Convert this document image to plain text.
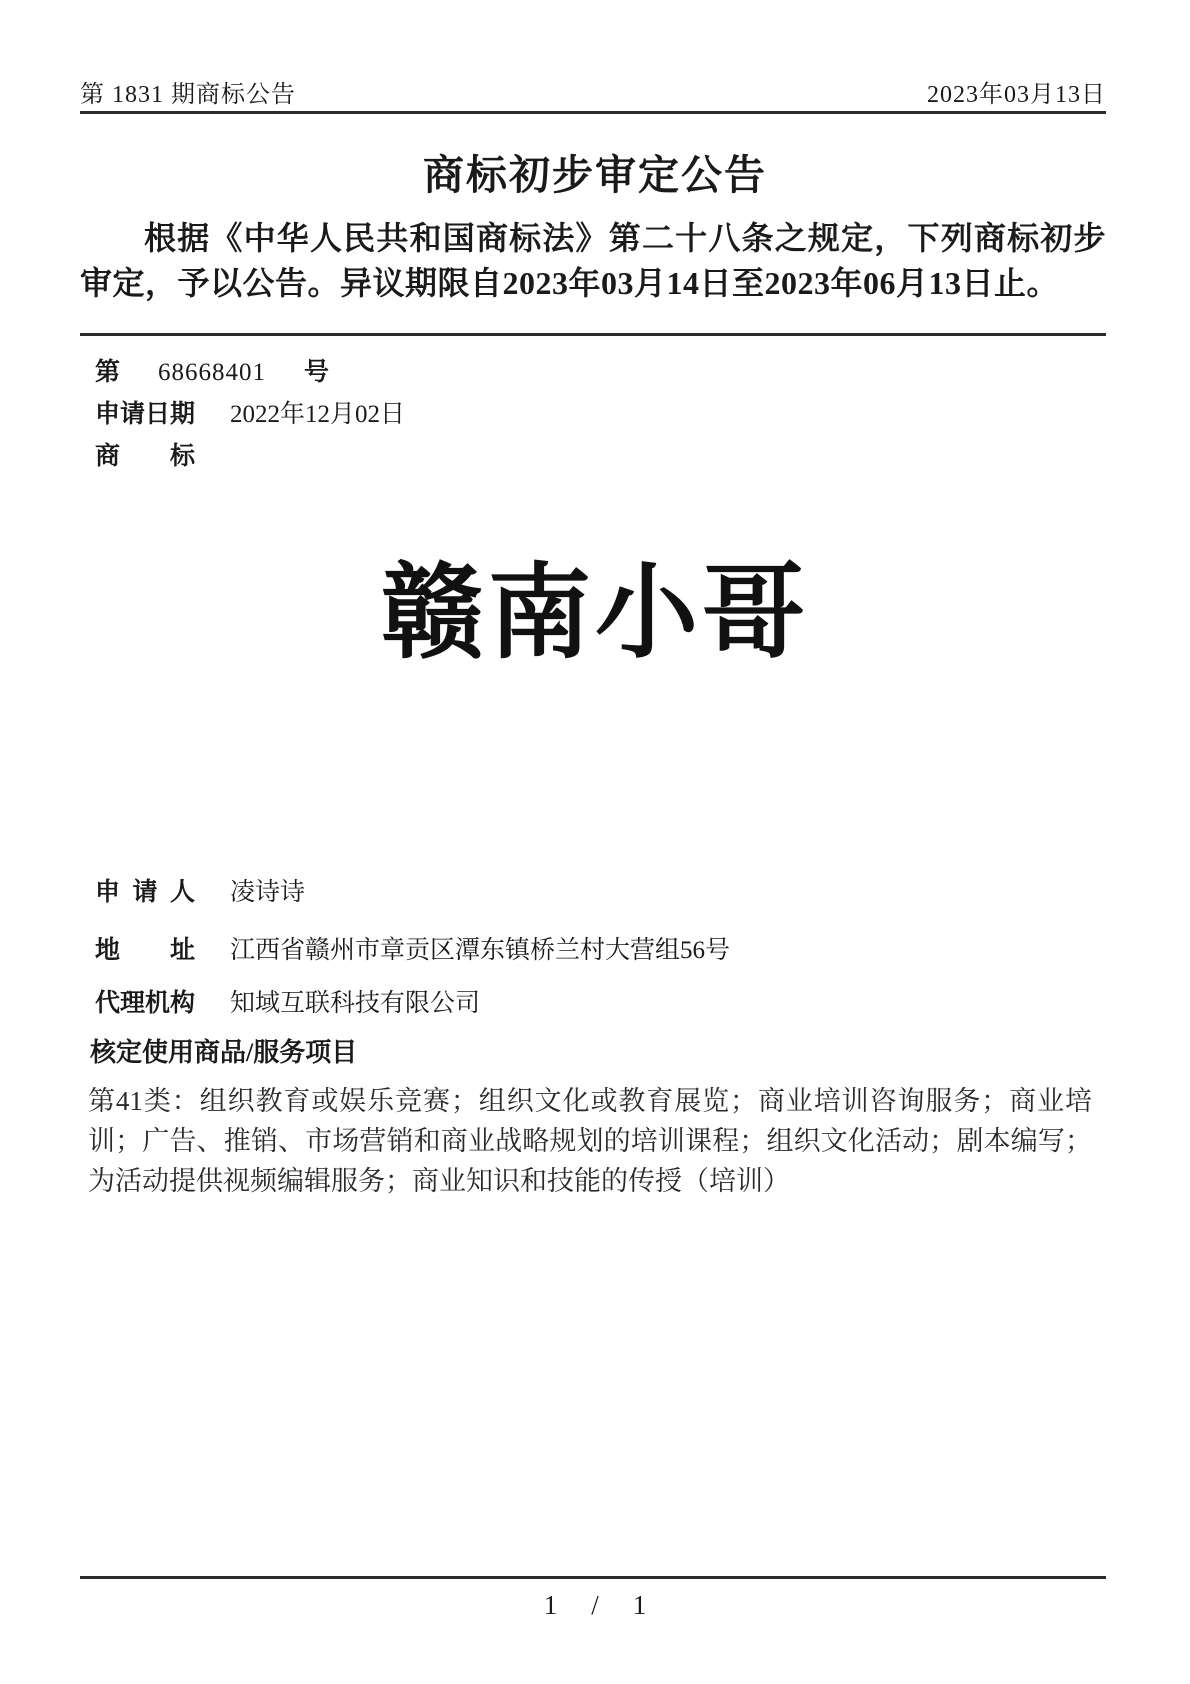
第 1831 期商标公告	2023年03月13日
商标初步审定公告
根据《中华人民共和国商标法》第二十八条之规定，下列商标初步审定，予以公告。异议期限自2023年03月14日至2023年06月13日止。
第 68668401 号
申请日期 2022年12月02日
商标
赣南小哥
申请人 凌诗诗
地址 江西省赣州市章贡区潭东镇桥兰村大营组56号
代理机构 知域互联科技有限公司
核定使用商品/服务项目
第41类：组织教育或娱乐竞赛；组织文化或教育展览；商业培训咨询服务；商业培训；广告、推销、市场营销和商业战略规划的培训课程；组织文化活动；剧本编写；为活动提供视频编辑服务；商业知识和技能的传授（培训）
1 / 1
